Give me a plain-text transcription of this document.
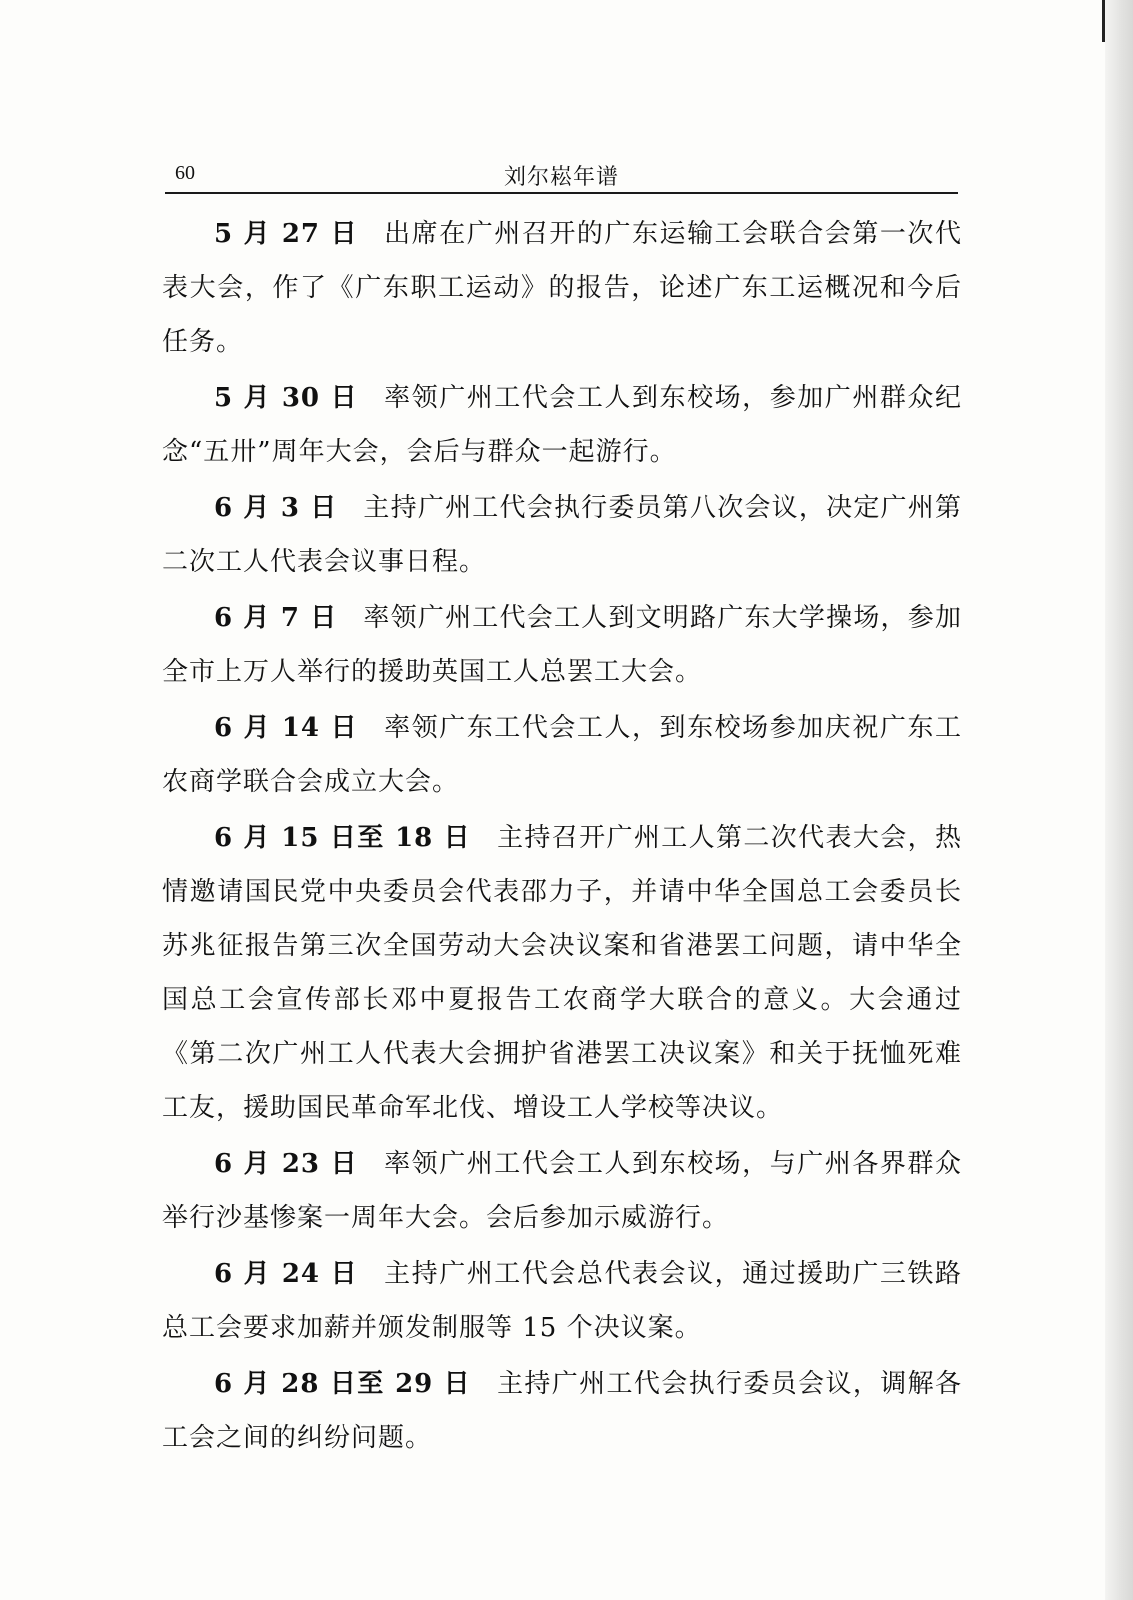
60	刘尔崧年谱

5 月 27 日 出席在广州召开的广东运输工会联合会第一次代表大会，作了《广东职工运动》的报告，论述广东工运概况和今后任务。

5 月 30 日 率领广州工代会工人到东校场，参加广州群众纪念“五卅”周年大会，会后与群众一起游行。

6 月 3 日 主持广州工代会执行委员第八次会议，决定广州第二次工人代表会议事日程。

6 月 7 日 率领广州工代会工人到文明路广东大学操场，参加全市上万人举行的援助英国工人总罢工大会。

6 月 14 日 率领广东工代会工人，到东校场参加庆祝广东工农商学联合会成立大会。

6 月 15 日至 18 日 主持召开广州工人第二次代表大会，热情邀请国民党中央委员会代表邵力子，并请中华全国总工会委员长苏兆征报告第三次全国劳动大会决议案和省港罢工问题，请中华全国总工会宣传部长邓中夏报告工农商学大联合的意义。大会通过《第二次广州工人代表大会拥护省港罢工决议案》和关于抚恤死难工友，援助国民革命军北伐、增设工人学校等决议。

6 月 23 日 率领广州工代会工人到东校场，与广州各界群众举行沙基惨案一周年大会。会后参加示威游行。

6 月 24 日 主持广州工代会总代表会议，通过援助广三铁路总工会要求加薪并颁发制服等 15 个决议案。

6 月 28 日至 29 日 主持广州工代会执行委员会议，调解各工会之间的纠纷问题。
